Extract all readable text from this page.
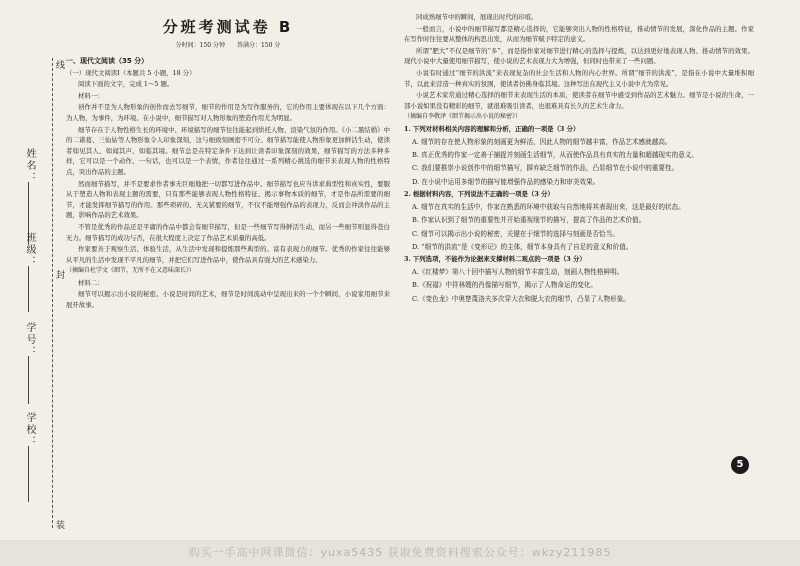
姓名：
班级：
学号：
学校：
线
封
装
分班考测试卷 B
分时间：150 分钟 答满分：150 分

一、现代文阅读（35 分）

（一）现代文阅读Ⅰ（本题共 5 小题，18 分）

阅读下面的文字，完成 1～5 题。

材料一：

创作并不是为人物形象的创作而去写细节，细节的作用是为写作服务的，它的作用主要体现在以下几个方面：为人物，为事件，为环境。在小说中，细节描写对人物形象的塑造作用尤为明显。

细节存在于人物性格生长的环境中、环境描写的细节往往能起到烘托人物、渲染气氛的作用。《小二黑结婚》中的二诸葛、三仙姑等人物形象令人印象深刻，这与细致刻画密不可分。细节描写能使人物形象更加鲜活生动，使读者如见其人、如闻其声、如临其境。细节总是在特定条件下达到让读者印象深刻的效果，细节描写的方法多种多样，它可以是一个动作、一句话，也可以是一个表情，作者往往通过一系列精心挑选的细节来表现人物的性格特点，突出作品的主题。

然而细节描写，并不是要求作者事无巨细地把一切都写进作品中。细节描写也应当讲求典型性和真实性，要服从于塑造人物和表现主题的需要，只有那些能够表现人物性格特征、揭示事物本质的细节，才是作品所需要的细节，才能发挥细节描写的作用。那些琐碎的、无关紧要的细节，不仅不能增强作品的表现力，反而会冲淡作品的主题，影响作品的艺术效果。

不管是优秀的作品还是平庸的作品中都会有细节描写，但是一些细节写得鲜活生动，而另一些细节则显得苍白无力。细节描写的成功与否，在很大程度上决定了作品艺术质量的高低。

作家要善于观察生活、体验生活，从生活中发现和提炼那些典型的、富有表现力的细节。优秀的作家往往能够从平凡的生活中发现不平凡的细节，并把它们写进作品中，使作品具有强大的艺术感染力。

（摘编自杜学文《细节，无所不在又意味深长》）

材料二：

细节可以揭示出小说的秘密。小说是时间的艺术，细节是时间流动中呈现出来的一个个瞬间，小说家用细节来展开故事。

同成熟细节中的瞬间，展现出时代的印痕。

一般而言，小说中的细节描写都是精心选择的，它能够突出人物的性格特征，推动情节的发展，深化作品的主题。作家在写作时往往要从整体的构思出发，从而为细节赋予特定的意义。

所谓“肥大”不仅是细节的“多”，而是指作家对细节进行精心的选择与提炼，以达到更好地表现人物、推动情节的效果。现代小说中大量使用细节描写，使小说的艺术表现力大为增强，但同时也带来了一些问题。

小说有时通过“细节的洪流”来表现复杂的社会生活和人物的内心世界。所谓“细节的洪流”，是指在小说中大量堆积细节，以此来营造一种真实的氛围，使读者仿佛身临其境。这种写法在现代主义小说中尤为常见。

小说艺术家常通过精心选择的细节来表现生活的本质，使读者在细节中感受到作品的艺术魅力。细节是小说的生命，一部小说如果没有精彩的细节，就很难吸引读者，也很难具有长久的艺术生命力。

（摘编自李敬泽《细节揭示出小说的秘密》）

1. 下列对材料相关内容的理解和分析，正确的一项是（3 分）

A. 细节的存在使人物形象的刻画更为鲜活，因此人物的细节越丰富，作品艺术感就越高。

B. 真正优秀的作家一定善于捕捉并刻画生活细节，从而使作品具有真实的力量和超越现实的意义。

C. 我们要推崇小说创作中的细节描写，摒弃缺乏细节的作品，凸显细节在小说中的重要性。

D. 在小说中运用多细节的描写能增强作品的感染力和审美效果。

2. 根据材料内容，下列说法不正确的一项是（3 分）

A. 细节在真实的生活中，作家在熟悉的环境中获取与自然地将其表现出来，这是最好的状态。

B. 作家认识到了细节的重要性并开始重视细节的描写，提高了作品的艺术价值。

C. 细节可以揭示出小说的秘密，关键在于细节的选择与刻画是否恰当。

D. “细节的洪流”是《变形记》的主体，细节本身具有了自足的意义和价值。

3. 下列选项，不能作为论据来支撑材料二观点的一项是（3 分）

A.《红楼梦》第八十回中描写人物的细节丰富生动，刻画人物性格鲜明。

B.《祝福》中祥林嫂的肖像描写细节，揭示了人物命运的变化。

C.《变色龙》中奥楚蔑洛夫多次穿大衣和脱大衣的细节，凸显了人物形象。

5
购买一手高中网课微信：yuxa5435 获取免费资料搜索公众号：wkzy211985
